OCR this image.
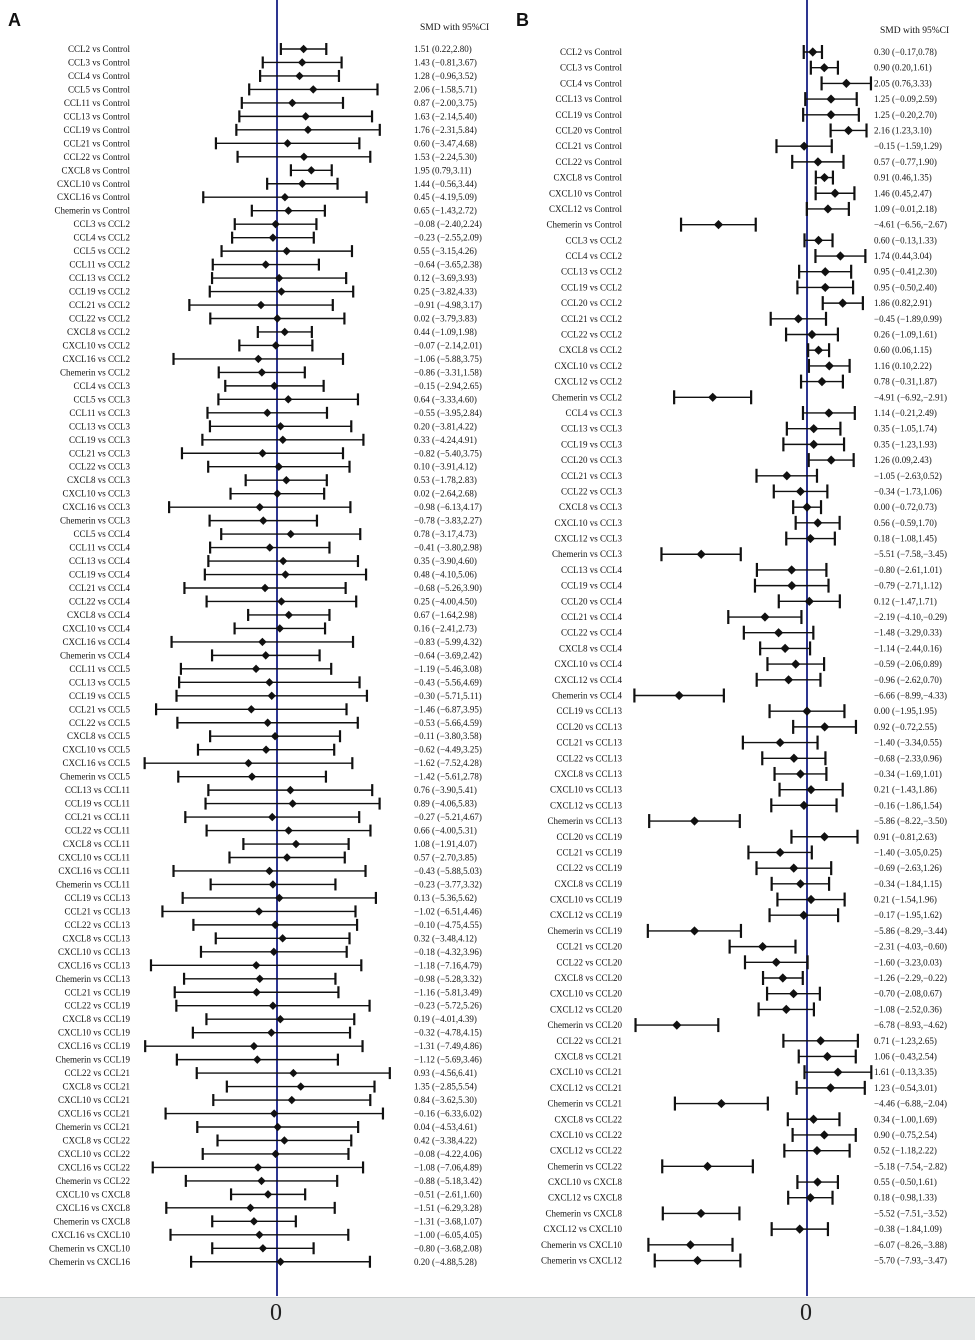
A	SMD with 95%CI
CCL2 vs Control	1.51 (0.22,2.80)
CCL3 vs Control	1.43 (−0.81,3.67)
CCL4 vs Control	1.28 (−0.96,3.52)
CCL5 vs Control	2.06 (−1.58,5.71)
CCL11 vs Control	0.87 (−2.00,3.75)
CCL13 vs Control	1.63 (−2.14,5.40)
CCL19 vs Control	1.76 (−2.31,5.84)
CCL21 vs Control	0.60 (−3.47,4.68)
CCL22 vs Control	1.53 (−2.24,5.30)
CXCL8 vs Control	1.95 (0.79,3.11)
CXCL10 vs Control	1.44 (−0.56,3.44)
CXCL16 vs Control	0.45 (−4.19,5.09)
Chemerin vs Control	0.65 (−1.43,2.72)
CCL3 vs CCL2	−0.08 (−2.40,2.24)
CCL4 vs CCL2	−0.23 (−2.55,2.09)
CCL5 vs CCL2	0.55 (−3.15,4.26)
CCL11 vs CCL2	−0.64 (−3.65,2.38)
CCL13 vs CCL2	0.12 (−3.69,3.93)
CCL19 vs CCL2	0.25 (−3.82,4.33)
CCL21 vs CCL2	−0.91 (−4.98,3.17)
CCL22 vs CCL2	0.02 (−3.79,3.83)
CXCL8 vs CCL2	0.44 (−1.09,1.98)
CXCL10 vs CCL2	−0.07 (−2.14,2.01)
CXCL16 vs CCL2	−1.06 (−5.88,3.75)
Chemerin vs CCL2	−0.86 (−3.31,1.58)
CCL4 vs CCL3	−0.15 (−2.94,2.65)
CCL5 vs CCL3	0.64 (−3.33,4.60)
CCL11 vs CCL3	−0.55 (−3.95,2.84)
CCL13 vs CCL3	0.20 (−3.81,4.22)
CCL19 vs CCL3	0.33 (−4.24,4.91)
CCL21 vs CCL3	−0.82 (−5.40,3.75)
CCL22 vs CCL3	0.10 (−3.91,4.12)
CXCL8 vs CCL3	0.53 (−1.78,2.83)
CXCL10 vs CCL3	0.02 (−2.64,2.68)
CXCL16 vs CCL3	−0.98 (−6.13,4.17)
Chemerin vs CCL3	−0.78 (−3.83,2.27)
CCL5 vs CCL4	0.78 (−3.17,4.73)
CCL11 vs CCL4	−0.41 (−3.80,2.98)
CCL13 vs CCL4	0.35 (−3.90,4.60)
CCL19 vs CCL4	0.48 (−4.10,5.06)
CCL21 vs CCL4	−0.68 (−5.26,3.90)
CCL22 vs CCL4	0.25 (−4.00,4.50)
CXCL8 vs CCL4	0.67 (−1.64,2.98)
CXCL10 vs CCL4	0.16 (−2.41,2.73)
CXCL16 vs CCL4	−0.83 (−5.99,4.32)
Chemerin vs CCL4	−0.64 (−3.69,2.42)
CCL11 vs CCL5	−1.19 (−5.46,3.08)
CCL13 vs CCL5	−0.43 (−5.56,4.69)
CCL19 vs CCL5	−0.30 (−5.71,5.11)
CCL21 vs CCL5	−1.46 (−6.87,3.95)
CCL22 vs CCL5	−0.53 (−5.66,4.59)
CXCL8 vs CCL5	−0.11 (−3.80,3.58)
CXCL10 vs CCL5	−0.62 (−4.49,3.25)
CXCL16 vs CCL5	−1.62 (−7.52,4.28)
Chemerin vs CCL5	−1.42 (−5.61,2.78)
CCL13 vs CCL11	0.76 (−3.90,5.41)
CCL19 vs CCL11	0.89 (−4.06,5.83)
CCL21 vs CCL11	−0.27 (−5.21,4.67)
CCL22 vs CCL11	0.66 (−4.00,5.31)
CXCL8 vs CCL11	1.08 (−1.91,4.07)
CXCL10 vs CCL11	0.57 (−2.70,3.85)
CXCL16 vs CCL11	−0.43 (−5.88,5.03)
Chemerin vs CCL11	−0.23 (−3.77,3.32)
CCL19 vs CCL13	0.13 (−5.36,5.62)
CCL21 vs CCL13	−1.02 (−6.51,4.46)
CCL22 vs CCL13	−0.10 (−4.75,4.55)
CXCL8 vs CCL13	0.32 (−3.48,4.12)
CXCL10 vs CCL13	−0.18 (−4.32,3.96)
CXCL16 vs CCL13	−1.18 (−7.16,4.79)
Chemerin vs CCL13	−0.98 (−5.28,3.32)
CCL21 vs CCL19	−1.16 (−5.81,3.49)
CCL22 vs CCL19	−0.23 (−5.72,5.26)
CXCL8 vs CCL19	0.19 (−4.01,4.39)
CXCL10 vs CCL19	−0.32 (−4.78,4.15)
CXCL16 vs CCL19	−1.31 (−7.49,4.86)
Chemerin vs CCL19	−1.12 (−5.69,3.46)
CCL22 vs CCL21	0.93 (−4.56,6.41)
CXCL8 vs CCL21	1.35 (−2.85,5.54)
CXCL10 vs CCL21	0.84 (−3.62,5.30)
CXCL16 vs CCL21	−0.16 (−6.33,6.02)
Chemerin vs CCL21	0.04 (−4.53,4.61)
CXCL8 vs CCL22	0.42 (−3.38,4.22)
CXCL10 vs CCL22	−0.08 (−4.22,4.06)
CXCL16 vs CCL22	−1.08 (−7.06,4.89)
Chemerin vs CCL22	−0.88 (−5.18,3.42)
CXCL10 vs CXCL8	−0.51 (−2.61,1.60)
CXCL16 vs CXCL8	−1.51 (−6.29,3.28)
Chemerin vs CXCL8	−1.31 (−3.68,1.07)
CXCL16 vs CXCL10	−1.00 (−6.05,4.05)
Chemerin vs CXCL10	−0.80 (−3.68,2.08)
Chemerin vs CXCL16	0.20 (−4.88,5.28)
B
SMD with 95%CI
CCL2 vs Control	0.30 (−0.17,0.78)
CCL3 vs Control	0.90 (0.20,1.61)
CCL4 vs Control	2.05 (0.76,3.33)
CCL13 vs Control	1.25 (−0.09,2.59)
CCL19 vs Control	1.25 (−0.20,2.70)
CCL20 vs Control	2.16 (1.23,3.10)
CCL21 vs Control	−0.15 (−1.59,1.29)
CCL22 vs Control	0.57 (−0.77,1.90)
CXCL8 vs Control	0.91 (0.46,1.35)
CXCL10 vs Control	1.46 (0.45,2.47)
CXCL12 vs Control	1.09 (−0.01,2.18)
Chemerin vs Control	−4.61 (−6.56,−2.67)
CCL3 vs CCL2	0.60 (−0.13,1.33)
CCL4 vs CCL2	1.74 (0.44,3.04)
CCL13 vs CCL2	0.95 (−0.41,2.30)
CCL19 vs CCL2	0.95 (−0.50,2.40)
CCL20 vs CCL2	1.86 (0.82,2.91)
CCL21 vs CCL2	−0.45 (−1.89,0.99)
CCL22 vs CCL2	0.26 (−1.09,1.61)
CXCL8 vs CCL2	0.60 (0.06,1.15)
CXCL10 vs CCL2	1.16 (0.10,2.22)
CXCL12 vs CCL2	0.78 (−0.31,1.87)
Chemerin vs CCL2	−4.91 (−6.92,−2.91)
CCL4 vs CCL3	1.14 (−0.21,2.49)
CCL13 vs CCL3	0.35 (−1.05,1.74)
CCL19 vs CCL3	0.35 (−1.23,1.93)
CCL20 vs CCL3	1.26 (0.09,2.43)
CCL21 vs CCL3	−1.05 (−2.63,0.52)
CCL22 vs CCL3	−0.34 (−1.73,1.06)
CXCL8 vs CCL3	0.00 (−0.72,0.73)
CXCL10 vs CCL3	0.56 (−0.59,1.70)
CXCL12 vs CCL3	0.18 (−1.08,1.45)
Chemerin vs CCL3	−5.51 (−7.58,−3.45)
CCL13 vs CCL4	−0.80 (−2.61,1.01)
CCL19 vs CCL4	−0.79 (−2.71,1.12)
CCL20 vs CCL4	0.12 (−1.47,1.71)
CCL21 vs CCL4	−2.19 (−4.10,−0.29)
CCL22 vs CCL4	−1.48 (−3.29,0.33)
CXCL8 vs CCL4	−1.14 (−2.44,0.16)
CXCL10 vs CCL4	−0.59 (−2.06,0.89)
CXCL12 vs CCL4	−0.96 (−2.62,0.70)
Chemerin vs CCL4	−6.66 (−8.99,−4.33)
CCL19 vs CCL13	0.00 (−1.95,1.95)
CCL20 vs CCL13	0.92 (−0.72,2.55)
CCL21 vs CCL13	−1.40 (−3.34,0.55)
CCL22 vs CCL13	−0.68 (−2.33,0.96)
CXCL8 vs CCL13	−0.34 (−1.69,1.01)
CXCL10 vs CCL13	0.21 (−1.43,1.86)
CXCL12 vs CCL13	−0.16 (−1.86,1.54)
Chemerin vs CCL13	−5.86 (−8.22,−3.50)
CCL20 vs CCL19	0.91 (−0.81,2.63)
CCL21 vs CCL19	−1.40 (−3.05,0.25)
CCL22 vs CCL19	−0.69 (−2.63,1.26)
CXCL8 vs CCL19	−0.34 (−1.84,1.15)
CXCL10 vs CCL19	0.21 (−1.54,1.96)
CXCL12 vs CCL19	−0.17 (−1.95,1.62)
Chemerin vs CCL19	−5.86 (−8.29,−3.44)
CCL21 vs CCL20	−2.31 (−4.03,−0.60)
CCL22 vs CCL20	−1.60 (−3.23,0.03)
CXCL8 vs CCL20	−1.26 (−2.29,−0.22)
CXCL10 vs CCL20	−0.70 (−2.08,0.67)
CXCL12 vs CCL20	−1.08 (−2.52,0.36)
Chemerin vs CCL20	−6.78 (−8.93,−4.62)
CCL22 vs CCL21	0.71 (−1.23,2.65)
CXCL8 vs CCL21	1.06 (−0.43,2.54)
CXCL10 vs CCL21	1.61 (−0.13,3.35)
CXCL12 vs CCL21	1.23 (−0.54,3.01)
Chemerin vs CCL21	−4.46 (−6.88,−2.04)
CXCL8 vs CCL22	0.34 (−1.00,1.69)
CXCL10 vs CCL22	0.90 (−0.75,2.54)
CXCL12 vs CCL22	0.52 (−1.18,2.22)
Chemerin vs CCL22	−5.18 (−7.54,−2.82)
CXCL10 vs CXCL8	0.55 (−0.50,1.61)
CXCL12 vs CXCL8	0.18 (−0.98,1.33)
Chemerin vs CXCL8	−5.52 (−7.51,−3.52)
CXCL12 vs CXCL10	−0.38 (−1.84,1.09)
Chemerin vs CXCL10	−6.07 (−8.26,−3.88)
Chemerin vs CXCL12	−5.70 (−7.93,−3.47)
0	0
